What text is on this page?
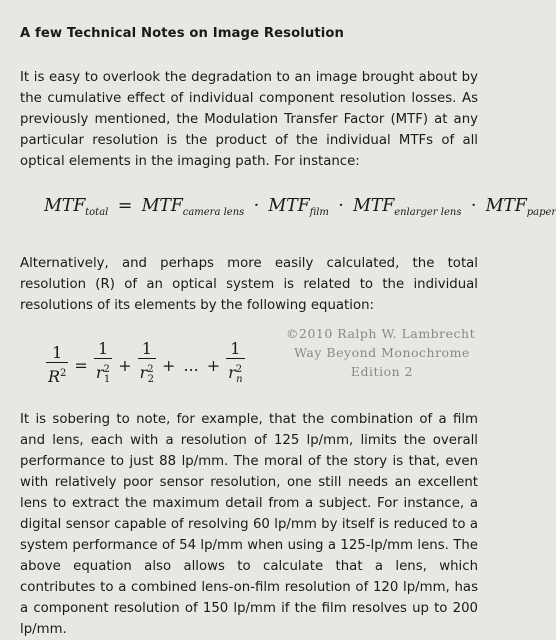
A few Technical Notes on Image Resolution

It is easy to overlook the degradation to an image brought about by the cumulative effect of individual component resolution losses. As previously mentioned, the Modulation Transfer Factor (MTF) at any particular resolution is the product of the individual MTFs of all optical elements in the imaging path. For instance:

$MTF_{total} = MTF_{camera lens} \cdot MTF_{film} \cdot MTF_{enlarger lens} \cdot MTF_{paper}$

Alternatively, and perhaps more easily calculated, the total resolution (R) of an optical system is related to the individual resolutions of its elements by the following equation:

$\frac{1}{R^2} = \frac{1}{r^2_1} + \frac{1}{r^2_2}$ + ... + $\frac{1}{r^2_n}$
©2010 Ralph W. Lambrecht
Way Beyond Monochrome
Edition 2

It is sobering to note, for example, that the combination of a film and lens, each with a resolution of 125 lp/mm, limits the overall performance to just 88 lp/mm. The moral of the story is that, even with relatively poor sensor resolution, one still needs an excellent lens to extract the maximum detail from a subject. For instance, a digital sensor capable of resolving 60 lp/mm by itself is reduced to a system performance of 54 lp/mm when using a 125-lp/mm lens. The above equation also allows to calculate that a lens, which contributes to a combined lens-on-film resolution of 120 lp/mm, has a component resolution of 150 lp/mm if the film resolves up to 200 lp/mm.
